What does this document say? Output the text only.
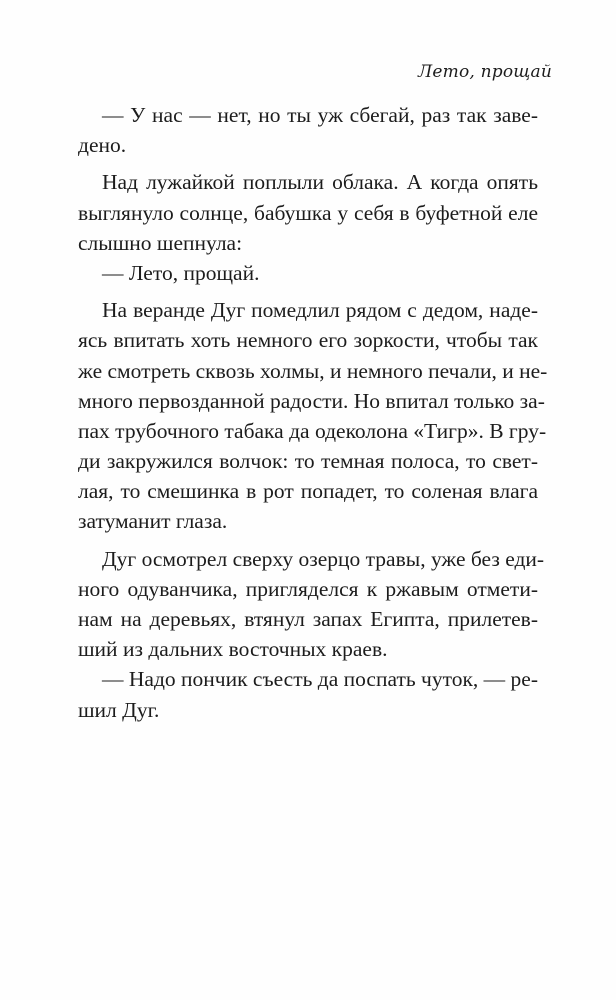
Лето, прощай
— У нас — нет, но ты уж сбегай, раз так заве-
дено.
Над лужайкой поплыли облака. А когда опять
выглянуло солнце, бабушка у себя в буфетной еле
слышно шепнула:
— Лето, прощай.
На веранде Дуг помедлил рядом с дедом, наде-
ясь впитать хоть немного его зоркости, чтобы так
же смотреть сквозь холмы, и немного печали, и не-
много первозданной радости. Но впитал только за-
пах трубочного табака да одеколона «Тигр». В гру-
ди закружился волчок: то темная полоса, то свет-
лая, то смешинка в рот попадет, то соленая влага
затуманит глаза.
Дуг осмотрел сверху озерцо травы, уже без еди-
ного одуванчика, пригляделся к ржавым отмети-
нам на деревьях, втянул запах Египта, прилетев-
ший из дальних восточных краев.
— Надо пончик съесть да поспать чуток, — ре-
шил Дуг.
